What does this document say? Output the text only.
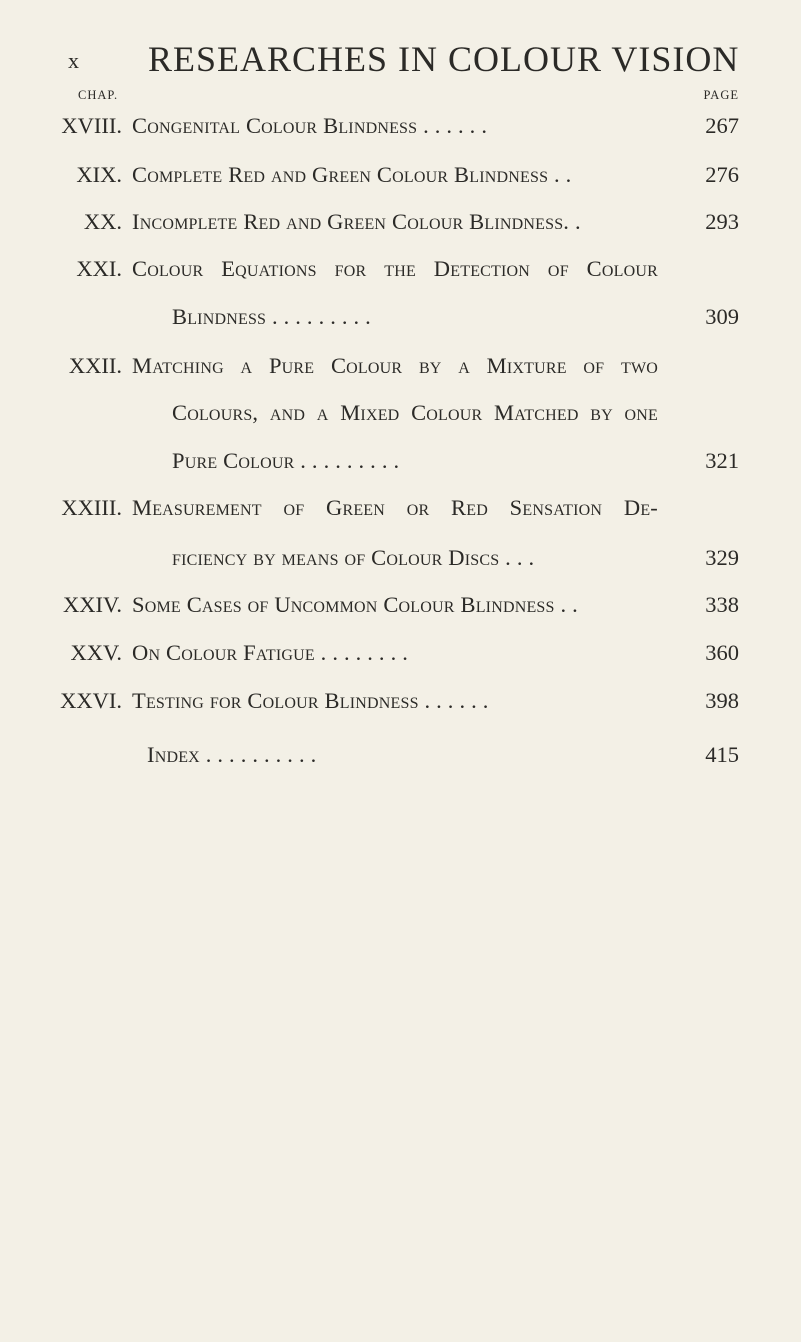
x RESEARCHES IN COLOUR VISION
CHAP.	PAGE
XVIII. Congenital Colour Blindness . . . . . .	267
XIX. Complete Red and Green Colour Blindness . .	276
XX. Incomplete Red and Green Colour Blindness. .	293
XXI. Colour Equations for the Detection of Colour
Blindness . . . . . . . . .	309
XXII. Matching a Pure Colour by a Mixture of two
Colours, and a Mixed Colour Matched by one
Pure Colour . . . . . . . . .	321
XXIII. Measurement of Green or Red Sensation De-
ficiency by means of Colour Discs . . .	329
XXIV. Some Cases of Uncommon Colour Blindness . .	338
XXV. On Colour Fatigue . . . . . . . .	360
XXVI. Testing for Colour Blindness . . . . . .	398
Index . . . . . . . . . .	415
